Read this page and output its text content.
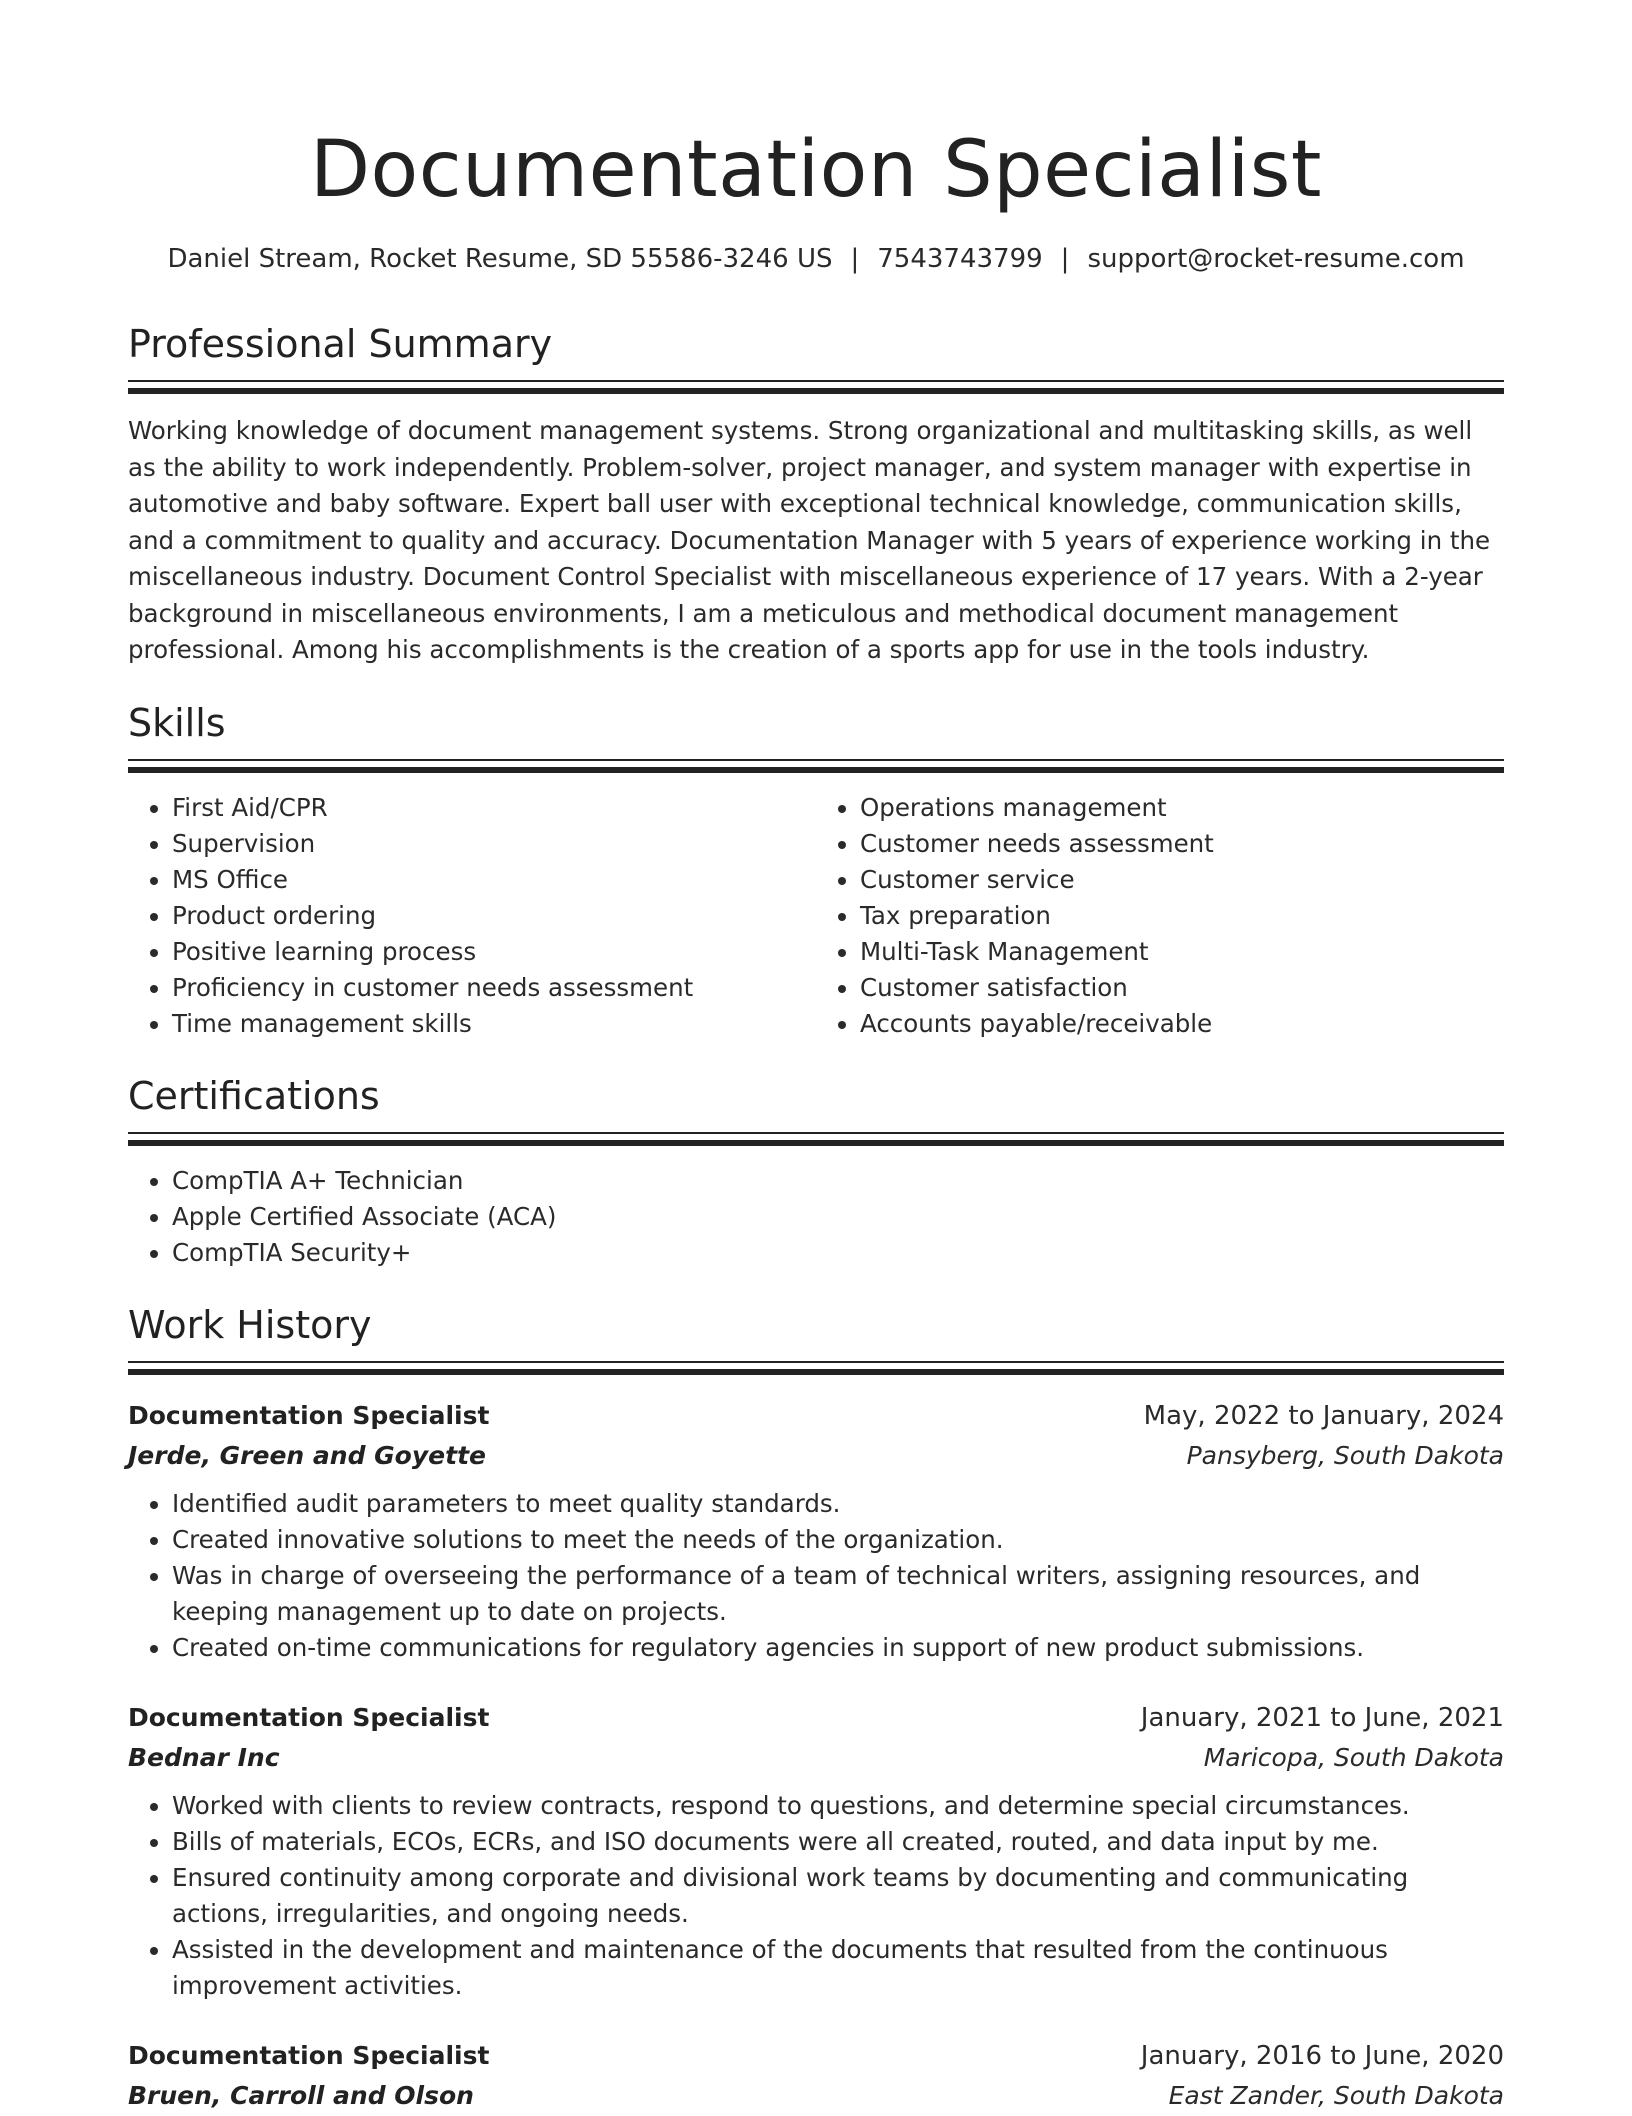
Documentation Specialist
Daniel Stream, Rocket Resume, SD 55586-3246 US | 7543743799 | support@rocket-resume.com
Professional Summary

Working knowledge of document management systems. Strong organizational and multitasking skills, as well as the ability to work independently. Problem-solver, project manager, and system manager with expertise in automotive and baby software. Expert ball user with exceptional technical knowledge, communication skills, and a commitment to quality and accuracy. Documentation Manager with 5 years of experience working in the miscellaneous industry. Document Control Specialist with miscellaneous experience of 17 years. With a 2-year background in miscellaneous environments, I am a meticulous and methodical document management professional. Among his accomplishments is the creation of a sports app for use in the tools industry.

Skills
• First Aid/CPR
• Supervision
• MS Office
• Product ordering
• Positive learning process
• Proficiency in customer needs assessment
• Time management skills
• Operations management
• Customer needs assessment
• Customer service
• Tax preparation
• Multi-Task Management
• Customer satisfaction
• Accounts payable/receivable
Certifications
• CompTIA A+ Technician
• Apple Certified Associate (ACA)
• CompTIA Security+
Work History
Documentation Specialist	May, 2022 to January, 2024
Jerde, Green and Goyette	Pansyberg, South Dakota
• Identified audit parameters to meet quality standards.
• Created innovative solutions to meet the needs of the organization.
• Was in charge of overseeing the performance of a team of technical writers, assigning resources, and keeping management up to date on projects.
• Created on-time communications for regulatory agencies in support of new product submissions.
Documentation Specialist	January, 2021 to June, 2021
Bednar Inc	Maricopa, South Dakota
• Worked with clients to review contracts, respond to questions, and determine special circumstances.
• Bills of materials, ECOs, ECRs, and ISO documents were all created, routed, and data input by me.
• Ensured continuity among corporate and divisional work teams by documenting and communicating actions, irregularities, and ongoing needs.
• Assisted in the development and maintenance of the documents that resulted from the continuous improvement activities.
Documentation Specialist	January, 2016 to June, 2020
Bruen, Carroll and Olson	East Zander, South Dakota
